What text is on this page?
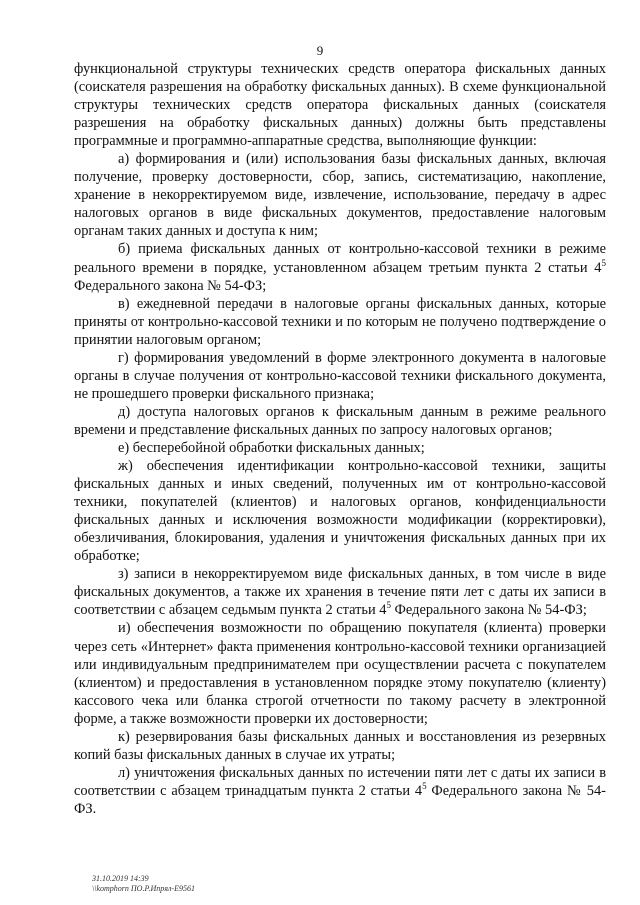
9

функциональной структуры технических средств оператора фискальных данных (соискателя разрешения на обработку фискальных данных). В схеме функциональной структуры технических средств оператора фискальных данных (соискателя разрешения на обработку фискальных данных) должны быть представлены программные и программно-аппаратные средства, выполняющие функции:

а) формирования и (или) использования базы фискальных данных, включая получение, проверку достоверности, сбор, запись, систематизацию, накопление, хранение в некорректируемом виде, извлечение, использование, передачу в адрес налоговых органов в виде фискальных документов, предоставление налоговым органам таких данных и доступа к ним;

б) приема фискальных данных от контрольно-кассовой техники в режиме реального времени в порядке, установленном абзацем третьим пункта 2 статьи $4^5$ Федерального закона № 54-ФЗ;

в) ежедневной передачи в налоговые органы фискальных данных, которые приняты от контрольно-кассовой техники и по которым не получено подтверждение о принятии налоговым органом;

г) формирования уведомлений в форме электронного документа в налоговые органы в случае получения от контрольно-кассовой техники фискального документа, не прошедшего проверки фискального признака;

д) доступа налоговых органов к фискальным данным в режиме реального времени и представление фискальных данных по запросу налоговых органов;

е) бесперебойной обработки фискальных данных;

ж) обеспечения идентификации контрольно-кассовой техники, защиты фискальных данных и иных сведений, полученных им от контрольно-кассовой техники, покупателей (клиентов) и налоговых органов, конфиденциальности фискальных данных и исключения возможности модификации (корректировки), обезличивания, блокирования, удаления и уничтожения фискальных данных при их обработке;

з) записи в некорректируемом виде фискальных данных, в том числе в виде фискальных документов, а также их хранения в течение пяти лет с даты их записи в соответствии с абзацем седьмым пункта 2 статьи $4^5$ Федерального закона № 54-ФЗ;

и) обеспечения возможности по обращению покупателя (клиента) проверки через сеть «Интернет» факта применения контрольно-кассовой техники организацией или индивидуальным предпринимателем при осуществлении расчета с покупателем (клиентом) и предоставления в установленном порядке этому покупателю (клиенту) кассового чека или бланка строгой отчетности по такому расчету в электронной форме, а также возможности проверки их достоверности;

к) резервирования базы фискальных данных и восстановления из резервных копий базы фискальных данных в случае их утраты;

л) уничтожения фискальных данных по истечении пяти лет с даты их записи в соответствии с абзацем тринадцатым пункта 2 статьи $4^5$ Федерального закона № 54-ФЗ.

31.10.2019 14:39
\\komphorn ПО.Р.Ипрял-Е9561
